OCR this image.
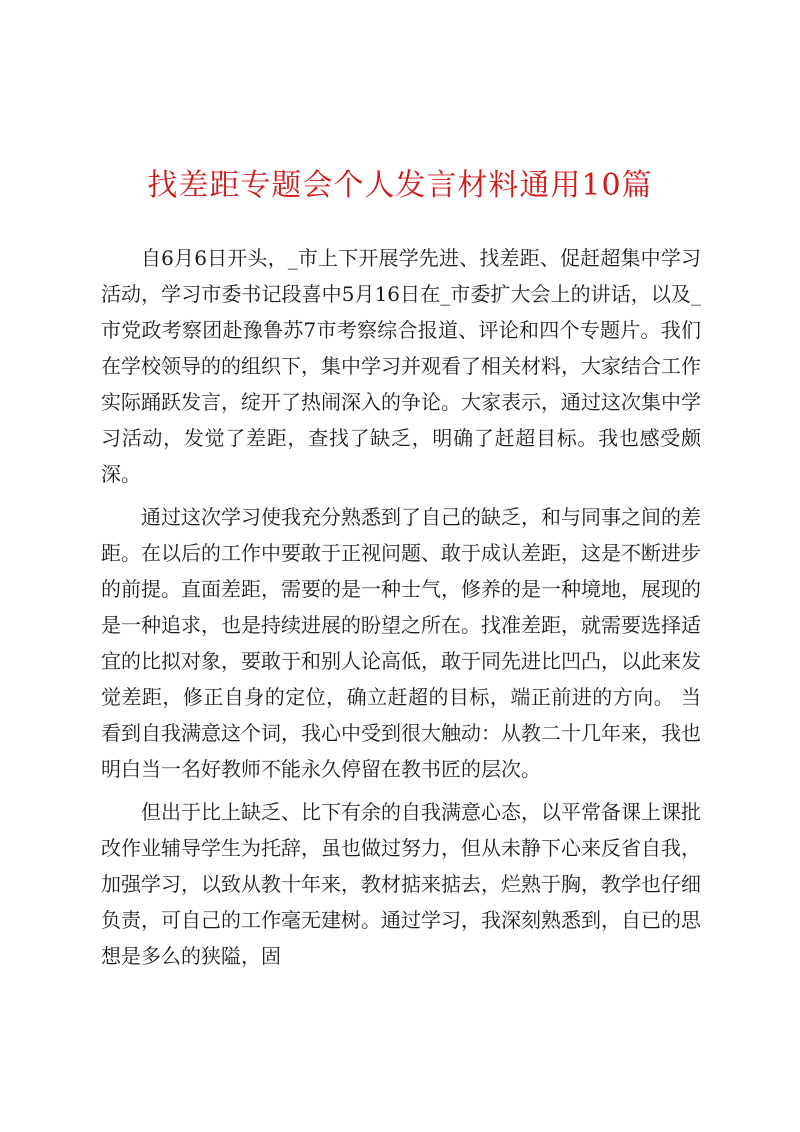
找差距专题会个人发言材料通用10篇

自6月6日开头，_市上下开展学先进、找差距、促赶超集中学习活动，学习市委书记段喜中5月16日在_市委扩大会上的讲话，以及_市党政考察团赴豫鲁苏7市考察综合报道、评论和四个专题片。我们在学校领导的的组织下，集中学习并观看了相关材料，大家结合工作实际踊跃发言，绽开了热闹深入的争论。大家表示，通过这次集中学习活动，发觉了差距，查找了缺乏，明确了赶超目标。我也感受颇深。

通过这次学习使我充分熟悉到了自己的缺乏，和与同事之间的差距。在以后的工作中要敢于正视问题、敢于成认差距，这是不断进步的前提。直面差距，需要的是一种士气，修养的是一种境地，展现的是一种追求，也是持续进展的盼望之所在。找准差距，就需要选择适宜的比拟对象，要敢于和别人论高低，敢于同先进比凹凸，以此来发觉差距，修正自身的定位，确立赶超的目标，端正前进的方向。 当看到自我满意这个词，我心中受到很大触动：从教二十几年来，我也明白当一名好教师不能永久停留在教书匠的层次。

但出于比上缺乏、比下有余的自我满意心态，以平常备课上课批改作业辅导学生为托辞，虽也做过努力，但从未静下心来反省自我，加强学习，以致从教十年来，教材掂来掂去，烂熟于胸，教学也仔细负责，可自己的工作毫无建树。通过学习，我深刻熟悉到，自已的思想是多么的狭隘，固
